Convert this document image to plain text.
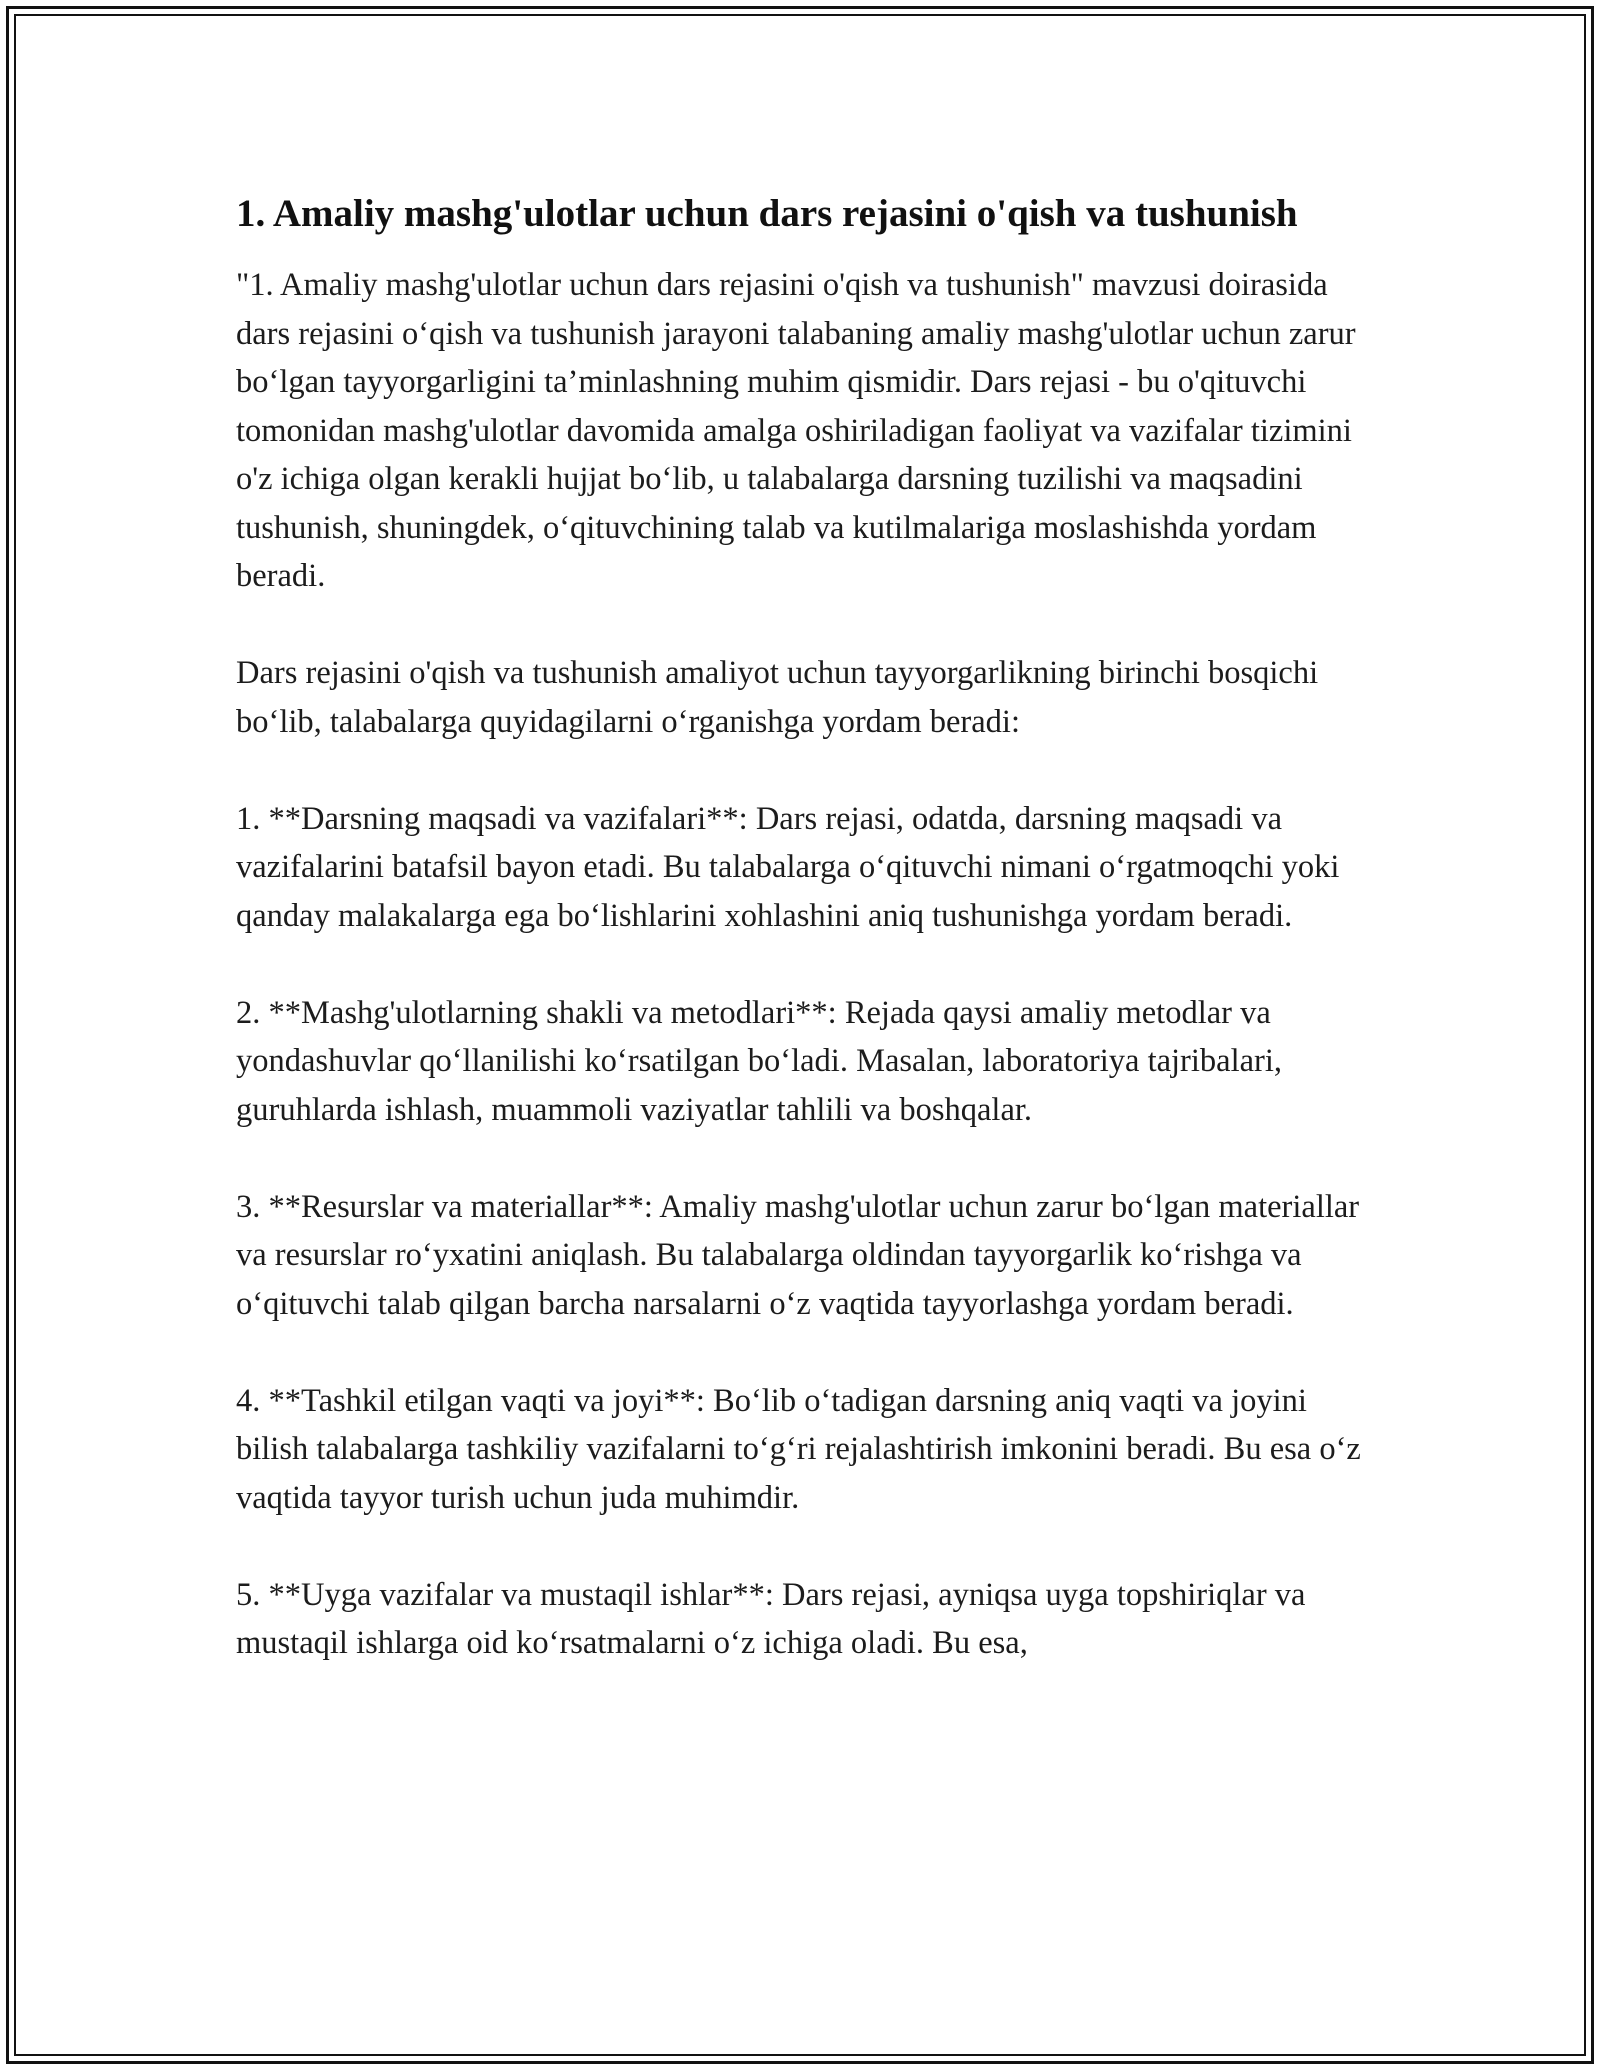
1. Amaliy mashg'ulotlar uchun dars rejasini o'qish va tushunish

"1. Amaliy mashg'ulotlar uchun dars rejasini o'qish va tushunish" mavzusi doirasida dars rejasini o‘qish va tushunish jarayoni talabaning amaliy mashg'ulotlar uchun zarur bo‘lgan tayyorgarligini ta’minlashning muhim qismidir. Dars rejasi - bu o'qituvchi tomonidan mashg'ulotlar davomida amalga oshiriladigan faoliyat va vazifalar tizimini o'z ichiga olgan kerakli hujjat bo‘lib, u talabalarga darsning tuzilishi va maqsadini tushunish, shuningdek, o‘qituvchining talab va kutilmalariga moslashishda yordam beradi.

Dars rejasini o'qish va tushunish amaliyot uchun tayyorgarlikning birinchi bosqichi bo‘lib, talabalarga quyidagilarni o‘rganishga yordam beradi:

1. **Darsning maqsadi va vazifalari**: Dars rejasi, odatda, darsning maqsadi va vazifalarini batafsil bayon etadi. Bu talabalarga o‘qituvchi nimani o‘rgatmoqchi yoki qanday malakalarga ega bo‘lishlarini xohlashini aniq tushunishga yordam beradi.

2. **Mashg'ulotlarning shakli va metodlari**: Rejada qaysi amaliy metodlar va yondashuvlar qo‘llanilishi ko‘rsatilgan bo‘ladi. Masalan, laboratoriya tajribalari, guruhlarda ishlash, muammoli vaziyatlar tahlili va boshqalar.

3. **Resurslar va materiallar**: Amaliy mashg'ulotlar uchun zarur bo‘lgan materiallar va resurslar ro‘yxatini aniqlash. Bu talabalarga oldindan tayyorgarlik ko‘rishga va o‘qituvchi talab qilgan barcha narsalarni o‘z vaqtida tayyorlashga yordam beradi.

4. **Tashkil etilgan vaqti va joyi**: Bo‘lib o‘tadigan darsning aniq vaqti va joyini bilish talabalarga tashkiliy vazifalarni to‘g‘ri rejalashtirish imkonini beradi. Bu esa o‘z vaqtida tayyor turish uchun juda muhimdir.

5. **Uyga vazifalar va mustaqil ishlar**: Dars rejasi, ayniqsa uyga topshiriqlar va mustaqil ishlarga oid ko‘rsatmalarni o‘z ichiga oladi. Bu esa,
